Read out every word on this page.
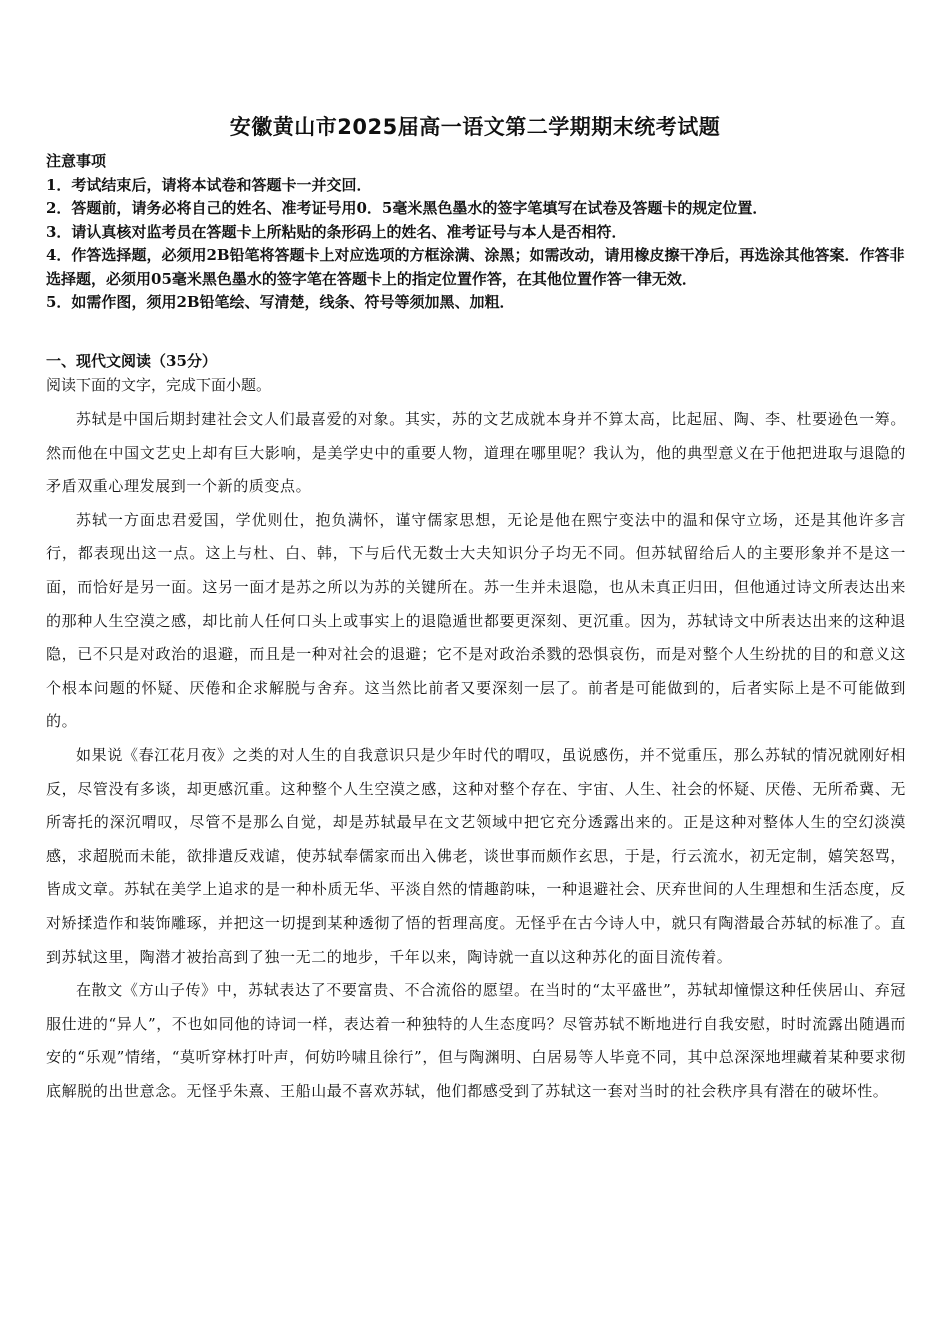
安徽黄山市2025届高一语文第二学期期末统考试题
注意事项

1．考试结束后，请将本试卷和答题卡一并交回．

2．答题前，请务必将自己的姓名、准考证号用0．5毫米黑色墨水的签字笔填写在试卷及答题卡的规定位置．

3．请认真核对监考员在答题卡上所粘贴的条形码上的姓名、准考证号与本人是否相符．

4．作答选择题，必须用2B铅笔将答题卡上对应选项的方框涂满、涂黑；如需改动，请用橡皮擦干净后，再选涂其他答案．作答非选择题，必须用05毫米黑色墨水的签字笔在答题卡上的指定位置作答，在其他位置作答一律无效．

5．如需作图，须用2B铅笔绘、写清楚，线条、符号等须加黑、加粗．

一、现代文阅读（35分）
阅读下面的文字，完成下面小题。

苏轼是中国后期封建社会文人们最喜爱的对象。其实，苏的文艺成就本身并不算太高，比起屈、陶、李、杜要逊色一筹。然而他在中国文艺史上却有巨大影响，是美学史中的重要人物，道理在哪里呢？我认为，他的典型意义在于他把进取与退隐的矛盾双重心理发展到一个新的质变点。

苏轼一方面忠君爱国，学优则仕，抱负满怀，谨守儒家思想，无论是他在熙宁变法中的温和保守立场，还是其他许多言行，都表现出这一点。这上与杜、白、韩，下与后代无数士大夫知识分子均无不同。但苏轼留给后人的主要形象并不是这一面，而恰好是另一面。这另一面才是苏之所以为苏的关键所在。苏一生并未退隐，也从未真正归田，但他通过诗文所表达出来的那种人生空漠之感，却比前人任何口头上或事实上的退隐遁世都要更深刻、更沉重。因为，苏轼诗文中所表达出来的这种退隐，已不只是对政治的退避，而且是一种对社会的退避；它不是对政治杀戮的恐惧哀伤，而是对整个人生纷扰的目的和意义这个根本问题的怀疑、厌倦和企求解脱与舍弃。这当然比前者又要深刻一层了。前者是可能做到的，后者实际上是不可能做到的。

如果说《春江花月夜》之类的对人生的自我意识只是少年时代的喟叹，虽说感伤，并不觉重压，那么苏轼的情况就刚好相反，尽管没有多谈，却更感沉重。这种整个人生空漠之感，这种对整个存在、宇宙、人生、社会的怀疑、厌倦、无所希冀、无所寄托的深沉喟叹，尽管不是那么自觉，却是苏轼最早在文艺领域中把它充分透露出来的。正是这种对整体人生的空幻淡漠感，求超脱而未能，欲排遣反戏谑，使苏轼奉儒家而出入佛老，谈世事而颇作玄思，于是，行云流水，初无定制，嬉笑怒骂，皆成文章。苏轼在美学上追求的是一种朴质无华、平淡自然的情趣韵味，一种退避社会、厌弃世间的人生理想和生活态度，反对矫揉造作和装饰雕琢，并把这一切提到某种透彻了悟的哲理高度。无怪乎在古今诗人中，就只有陶潜最合苏轼的标准了。直到苏轼这里，陶潜才被抬高到了独一无二的地步，千年以来，陶诗就一直以这种苏化的面目流传着。

在散文《方山子传》中，苏轼表达了不要富贵、不合流俗的愿望。在当时的“太平盛世”，苏轼却憧憬这种任侠居山、弃冠服仕进的“异人”，不也如同他的诗词一样，表达着一种独特的人生态度吗？尽管苏轼不断地进行自我安慰，时时流露出随遇而安的“乐观”情绪，“莫听穿林打叶声，何妨吟啸且徐行”，但与陶渊明、白居易等人毕竟不同，其中总深深地埋藏着某种要求彻底解脱的出世意念。无怪乎朱熹、王船山最不喜欢苏轼，他们都感受到了苏轼这一套对当时的社会秩序具有潜在的破坏性。
